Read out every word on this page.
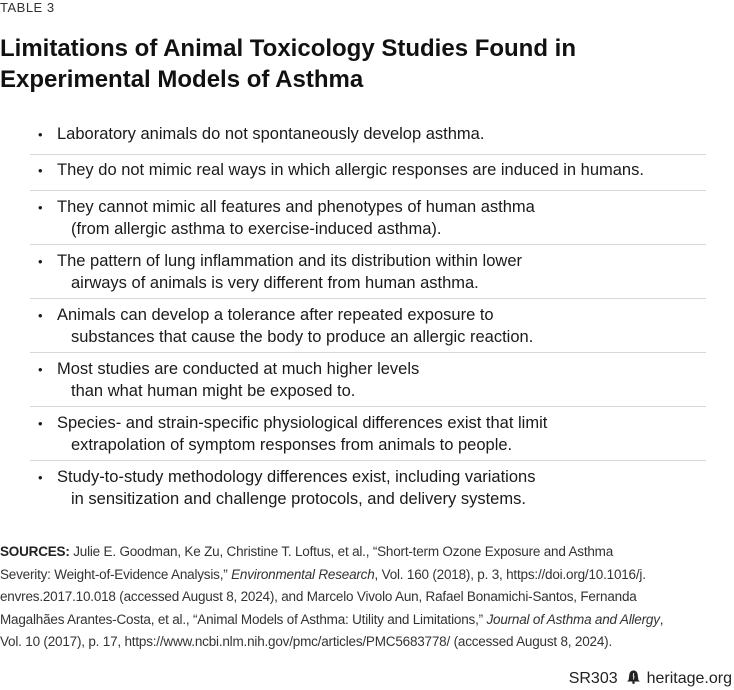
TABLE 3
Limitations of Animal Toxicology Studies Found in
Experimental Models of Asthma
• Laboratory animals do not spontaneously develop asthma.
• They do not mimic real ways in which allergic responses are induced in humans.
• They cannot mimic all features and phenotypes of human asthma
(from allergic asthma to exercise-induced asthma).
• The pattern of lung inflammation and its distribution within lower
airways of animals is very different from human asthma.
• Animals can develop a tolerance after repeated exposure to
substances that cause the body to produce an allergic reaction.
• Most studies are conducted at much higher levels
than what human might be exposed to.
• Species- and strain-specific physiological differences exist that limit
extrapolation of symptom responses from animals to people.
• Study-to-study methodology differences exist, including variations
in sensitization and challenge protocols, and delivery systems.
SOURCES: Julie E. Goodman, Ke Zu, Christine T. Loftus, et al., “Short-term Ozone Exposure and Asthma
Severity: Weight-of-Evidence Analysis,” Environmental Research, Vol. 160 (2018), p. 3, https://doi.org/10.1016/j.
envres.2017.10.018 (accessed August 8, 2024), and Marcelo Vivolo Aun, Rafael Bonamichi-Santos, Fernanda
Magalhães Arantes-Costa, et al., “Animal Models of Asthma: Utility and Limitations,” Journal of Asthma and Allergy,
Vol. 10 (2017), p. 17, https://www.ncbi.nlm.nih.gov/pmc/articles/PMC5683778/ (accessed August 8, 2024).
SR303 heritage.org
